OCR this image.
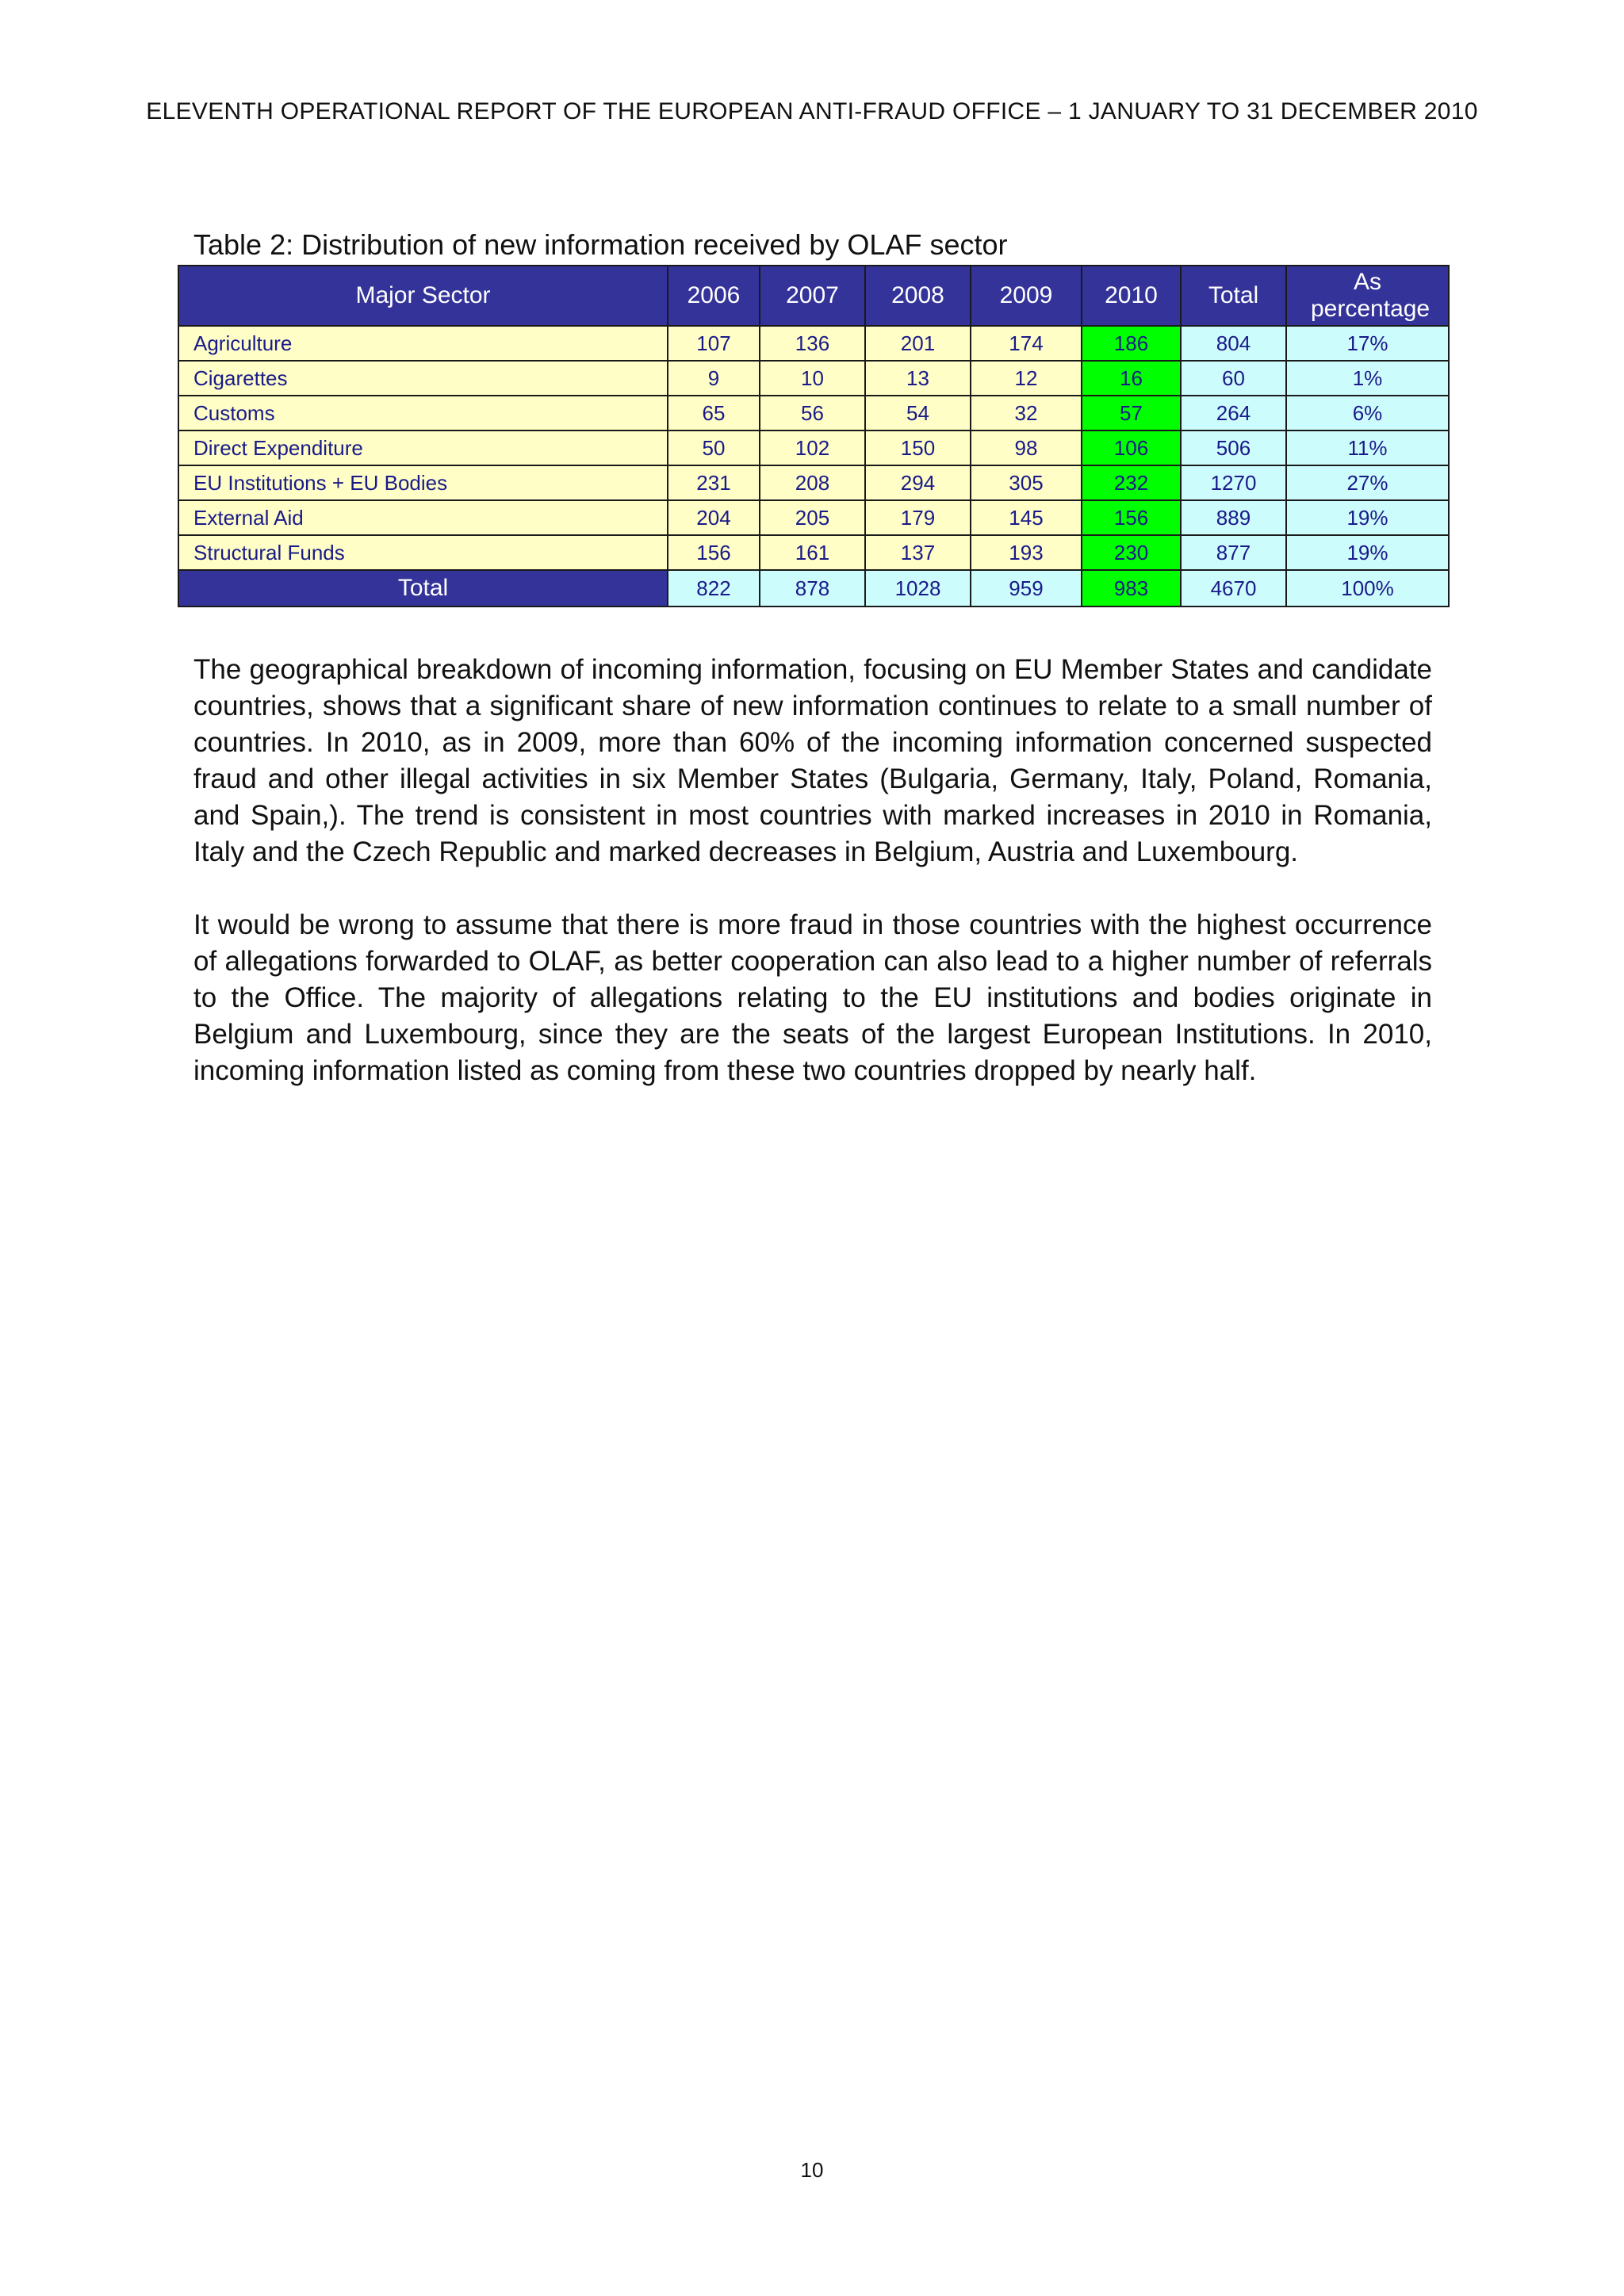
ELEVENTH OPERATIONAL REPORT OF THE EUROPEAN ANTI-FRAUD OFFICE – 1 JANUARY TO 31 DECEMBER 2010
Table 2: Distribution of new information received by OLAF sector
Major Sector	2006	2007	2008	2009	2010	Total	As percentage
Agriculture	107	136	201	174	186	804	17%
Cigarettes	9	10	13	12	16	60	1%
Customs	65	56	54	32	57	264	6%
Direct Expenditure	50	102	150	98	106	506	11%
EU Institutions + EU Bodies	231	208	294	305	232	1270	27%
External Aid	204	205	179	145	156	889	19%
Structural Funds	156	161	137	193	230	877	19%
Total	822	878	1028	959	983	4670	100%

The geographical breakdown of incoming information, focusing on EU Member States and candidate countries, shows that a significant share of new information continues to relate to a small number of countries. In 2010, as in 2009, more than 60% of the incoming information concerned suspected fraud and other illegal activities in six Member States (Bulgaria, Germany, Italy, Poland, Romania, and Spain,). The trend is consistent in most countries with marked increases in 2010 in Romania, Italy and the Czech Republic and marked decreases in Belgium, Austria and Luxembourg.

It would be wrong to assume that there is more fraud in those countries with the highest occurrence of allegations forwarded to OLAF, as better cooperation can also lead to a higher number of referrals to the Office. The majority of allegations relating to the EU institutions and bodies originate in Belgium and Luxembourg, since they are the seats of the largest European Institutions. In 2010, incoming information listed as coming from these two countries dropped by nearly half.

10
